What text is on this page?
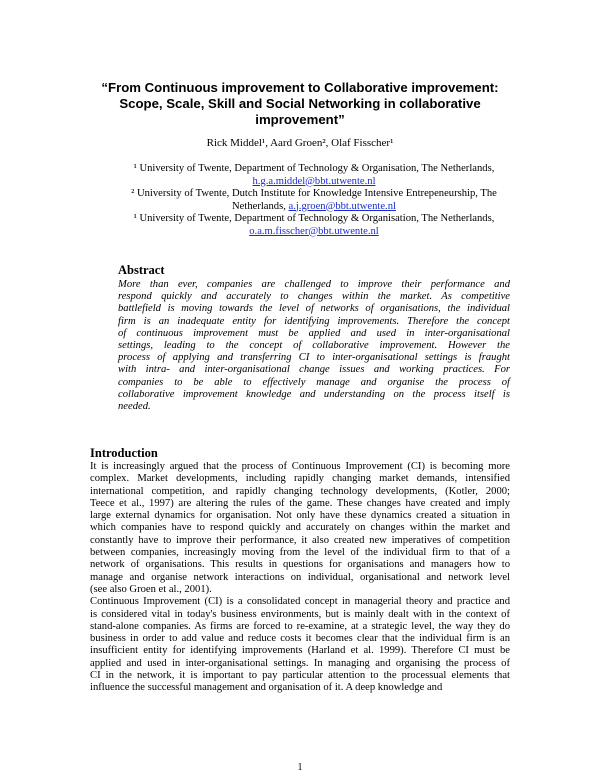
“From Continuous improvement to Collaborative improvement:
Scope, Scale, Skill and Social Networking in collaborative
improvement”
Rick Middel¹, Aard Groen², Olaf Fisscher¹
¹ University of Twente, Department of Technology & Organisation, The Netherlands,
h.g.a.middel@bbt.utwente.nl
² University of Twente, Dutch Institute for Knowledge Intensive Entrepeneurship, The
Netherlands, a.j.groen@bbt.utwente.nl
¹ University of Twente, Department of Technology & Organisation, The Netherlands,
o.a.m.fisscher@bbt.utwente.nl
Abstract
More than ever, companies are challenged to improve their performance and
respond quickly and accurately to changes within the market. As competitive
battlefield is moving towards the level of networks of organisations, the individual
firm is an inadequate entity for identifying improvements. Therefore the concept
of continuous improvement must be applied and used in inter-organisational
settings, leading to the concept of collaborative improvement. However the
process of applying and transferring CI to inter-organisational settings is fraught
with intra- and inter-organisational change issues and working practices. For
companies to be able to effectively manage and organise the process of
collaborative improvement knowledge and understanding on the process itself is
needed.
Introduction
It is increasingly argued that the process of Continuous Improvement (CI) is becoming more
complex. Market developments, including rapidly changing market demands, intensified
international competition, and rapidly changing technology developments, (Kotler, 2000;
Teece et al., 1997) are altering the rules of the game. These changes have created and imply
large external dynamics for organisation. Not only have these dynamics created a situation in
which companies have to respond quickly and accurately on changes within the market and
constantly have to improve their performance, it also created new imperatives of competition
between companies, increasingly moving from the level of the individual firm to that of a
network of organisations. This results in questions for organisations and managers how to
manage and organise network interactions on individual, organisational and network level
(see also Groen et al., 2001).
Continuous Improvement (CI) is a consolidated concept in managerial theory and practice and
is considered vital in today's business environments, but is mainly dealt with in the context of
stand-alone companies. As firms are forced to re-examine, at a strategic level, the way they do
business in order to add value and reduce costs it becomes clear that the individual firm is an
insufficient entity for identifying improvements (Harland et al. 1999). Therefore CI must be
applied and used in inter-organisational settings. In managing and organising the process of
CI in the network, it is important to pay particular attention to the processual elements that
influence the successful management and organisation of it. A deep knowledge and
1
